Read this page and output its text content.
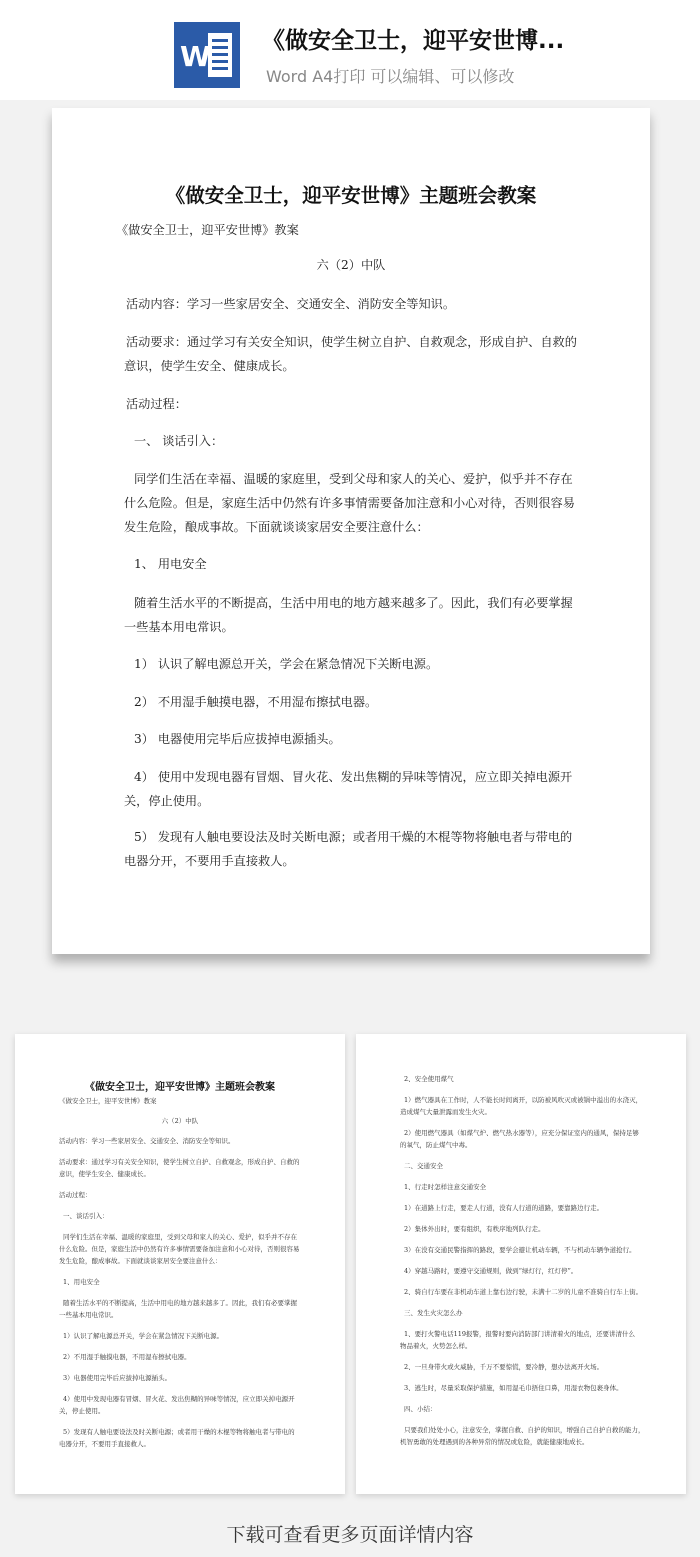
W 《做安全卫士，迎平安世博...
Word A4打印 可以编辑、可以修改
《做安全卫士，迎平安世博》主题班会教案
《做安全卫士，迎平安世博》教案
六（2）中队
活动内容：学习一些家居安全、交通安全、消防安全等知识。
活动要求：通过学习有关安全知识，使学生树立自护、自救观念，形成自护、自救的
意识，使学生安全、健康成长。
活动过程：
一、 谈话引入：
同学们生活在幸福、温暖的家庭里，受到父母和家人的关心、爱护，似乎并不存在
什么危险。但是，家庭生活中仍然有许多事情需要备加注意和小心对待，否则很容易
发生危险，酿成事故。下面就谈谈家居安全要注意什么：
1、 用电安全
随着生活水平的不断提高，生活中用电的地方越来越多了。因此，我们有必要掌握
一些基本用电常识。
1） 认识了解电源总开关，学会在紧急情况下关断电源。
2） 不用湿手触摸电器，不用湿布擦拭电器。
3） 电器使用完毕后应拔掉电源插头。
4） 使用中发现电器有冒烟、冒火花、发出焦糊的异味等情况，应立即关掉电源开
关，停止使用。
5） 发现有人触电要设法及时关断电源；或者用干燥的木棍等物将触电者与带电的
电器分开，不要用手直接救人。
《做安全卫士，迎平安世博》主题班会教案
《做安全卫士，迎平安世博》教案
六（2）中队
活动内容：学习一些家居安全、交通安全、消防安全等知识。
活动要求：通过学习有关安全知识，使学生树立自护、自救观念，形成自护、自救的
意识，使学生安全、健康成长。
活动过程：
一、谈话引入：
同学们生活在幸福、温暖的家庭里，受到父母和家人的关心、爱护，似乎并不存在
什么危险。但是，家庭生活中仍然有许多事情需要备加注意和小心对待，否则很容易
发生危险，酿成事故。下面就谈谈家居安全要注意什么：
1、用电安全
随着生活水平的不断提高，生活中用电的地方越来越多了。因此，我们有必要掌握
一些基本用电常识。
1）认识了解电源总开关，学会在紧急情况下关断电源。
2）不用湿手触摸电器，不用湿布擦拭电器。
3）电器使用完毕后应拔掉电源插头。
4）使用中发现电器有冒烟、冒火花、发出焦糊的异味等情况，应立即关掉电源开
关，停止使用。
5）发现有人触电要设法及时关断电源；或者用干燥的木棍等物将触电者与带电的
电器分开，不要用手直接救人。
2、安全使用煤气
1）燃气器具在工作时，人不能长时间离开，以防被风吹灭或被锅中溢出的水浇灭，
造成煤气大量泄露而发生火灾。
2）使用燃气器具（如煤气炉、燃气热水器等），应充分保证室内的通风，保持足够
的氧气，防止煤气中毒。
二、交通安全
1、行走时怎样注意交通安全
1）在道路上行走，要走人行道，没有人行道的道路，要靠路边行走。
2）集体外出时，要有组织，有秩序地列队行走。
3）在没有交通民警指挥的路段，要学会避让机动车辆，不与机动车辆争道抢行。
4）穿越马路时，要遵守交通规则，做到“绿灯行，红灯停”。
2、骑自行车要在非机动车道上靠右边行驶，未满十二岁的儿童不准骑自行车上街。
三、发生火灾怎么办
1、要打火警电话119报警，报警时要向消防部门讲清着火的地点，还要讲清什么
物品着火，火势怎么样。
2、一旦身带火或火威胁，千万不要惊慌，要冷静，想办法离开火场。
3、逃生时，尽量采取保护措施，如用湿毛巾捂住口鼻，用湿衣物包裹身体。
四、小结：
只要我们处处小心，注意安全，掌握自救、自护的知识，增强自己自护自救的能力，
机智勇敢的处理遇到的各种异常的情况或危险，就能健康地成长。
下载可查看更多页面详情内容
